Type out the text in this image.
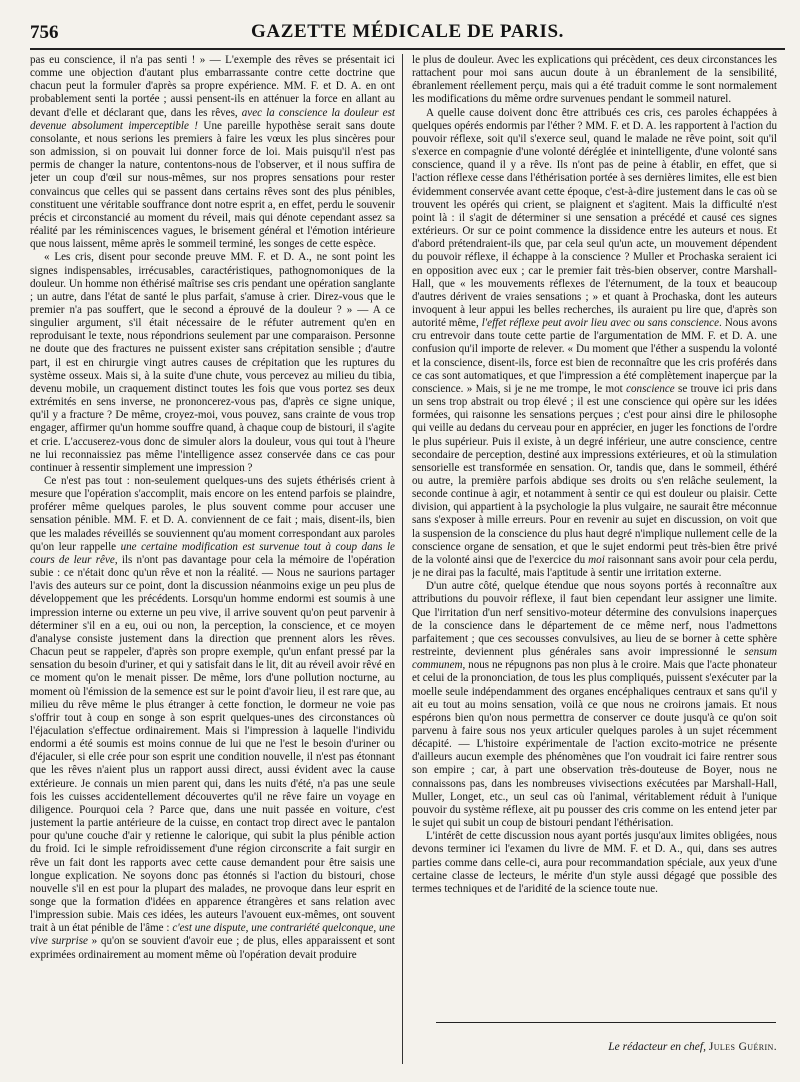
756	GAZETTE MÉDICALE DE PARIS.

pas eu conscience, il n'a pas senti ! » — L'exemple des rêves se présentait ici comme une objection d'autant plus embarrassante contre cette doctrine que chacun peut la formuler d'après sa propre expérience. MM. F. et D. A. en ont probablement senti la portée ; aussi pensent-ils en atténuer la force en allant au devant d'elle et déclarant que, dans les rêves, avec la conscience la douleur est devenue absolument imperceptible ! Une pareille hypothèse serait sans doute consolante, et nous serions les premiers à faire les vœux les plus sincères pour son admission, si on pouvait lui donner force de loi. Mais puisqu'il n'est pas permis de changer la nature, contentons-nous de l'observer, et il nous suffira de jeter un coup d'œil sur nous-mêmes, sur nos propres sensations pour rester convaincus que celles qui se passent dans certains rêves sont des plus pénibles, constituent une véritable souffrance dont notre esprit a, en effet, perdu le souvenir précis et circonstancié au moment du réveil, mais qui dénote cependant assez sa réalité par les réminiscences vagues, le brisement général et l'émotion intérieure que nous laissent, même après le sommeil terminé, les songes de cette espèce.

« Les cris, disent pour seconde preuve MM. F. et D. A., ne sont point les signes indispensables, irrécusables, caractéristiques, pathognomoniques de la douleur. Un homme non éthérisé maîtrise ses cris pendant une opération sanglante ; un autre, dans l'état de santé le plus parfait, s'amuse à crier. Direz-vous que le premier n'a pas souffert, que le second a éprouvé de la douleur ? » — A ce singulier argument, s'il était nécessaire de le réfuter autrement qu'en en reproduisant le texte, nous répondrions seulement par une comparaison. Personne ne doute que des fractures ne puissent exister sans crépitation sensible ; d'autre part, il est en chirurgie vingt autres causes de crépitation que les ruptures du système osseux. Mais si, à la suite d'une chute, vous percevez au milieu du tibia, devenu mobile, un craquement distinct toutes les fois que vous portez ses deux extrémités en sens inverse, ne prononcerez-vous pas, d'après ce signe unique, qu'il y a fracture ? De même, croyez-moi, vous pouvez, sans crainte de vous trop engager, affirmer qu'un homme souffre quand, à chaque coup de bistouri, il s'agite et crie. L'accuserez-vous donc de simuler alors la douleur, vous qui tout à l'heure ne lui reconnaissiez pas même l'intelligence assez conservée dans ce cas pour continuer à ressentir simplement une impression ?

Ce n'est pas tout : non-seulement quelques-uns des sujets éthérisés crient à mesure que l'opération s'accomplit, mais encore on les entend parfois se plaindre, proférer même quelques paroles, le plus souvent comme pour accuser une sensation pénible. MM. F. et D. A. conviennent de ce fait ; mais, disent-ils, bien que les malades réveillés se souviennent qu'au moment correspondant aux paroles qu'on leur rappelle une certaine modification est survenue tout à coup dans le cours de leur rêve, ils n'ont pas davantage pour cela la mémoire de l'opération subie : ce n'était donc qu'un rêve et non la réalité. — Nous ne saurions partager l'avis des auteurs sur ce point, dont la discussion néanmoins exige un peu plus de développement que les précédents. Lorsqu'un homme endormi est soumis à une impression interne ou externe un peu vive, il arrive souvent qu'on peut parvenir à déterminer s'il en a eu, oui ou non, la perception, la conscience, et ce moyen d'analyse consiste justement dans la direction que prennent alors les rêves. Chacun peut se rappeler, d'après son propre exemple, qu'un enfant pressé par la sensation du besoin d'uriner, et qui y satisfait dans le lit, dit au réveil avoir rêvé en ce moment qu'on le menait pisser. De même, lors d'une pollution nocturne, au moment où l'émission de la semence est sur le point d'avoir lieu, il est rare que, au milieu du rêve même le plus étranger à cette fonction, le dormeur ne voie pas s'offrir tout à coup en songe à son esprit quelques-unes des circonstances où l'éjaculation s'effectue ordinairement. Mais si l'impression à laquelle l'individu endormi a été soumis est moins connue de lui que ne l'est le besoin d'uriner ou d'éjaculer, si elle crée pour son esprit une condition nouvelle, il n'est pas étonnant que les rêves n'aient plus un rapport aussi direct, aussi évident avec la cause extérieure. Je connais un mien parent qui, dans les nuits d'été, n'a pas une seule fois les cuisses accidentellement découvertes qu'il ne rêve faire un voyage en diligence. Pourquoi cela ? Parce que, dans une nuit passée en voiture, c'est justement la partie antérieure de la cuisse, en contact trop direct avec le pantalon pour qu'une couche d'air y retienne le calorique, qui subit la plus pénible action du froid. Ici le simple refroidissement d'une région circonscrite a fait surgir en rêve un fait dont les rapports avec cette cause demandent pour être saisis une longue explication. Ne soyons donc pas étonnés si l'action du bistouri, chose nouvelle s'il en est pour la plupart des malades, ne provoque dans leur esprit en songe que la formation d'idées en apparence étrangères et sans relation avec l'impression subie. Mais ces idées, les auteurs l'avouent eux-mêmes, ont souvent trait à un état pénible de l'âme : c'est une dispute, une contrariété quelconque, une vive surprise » qu'on se souvient d'avoir eue ; de plus, elles apparaissent et sont exprimées ordinairement au moment même où l'opération devait produire

le plus de douleur. Avec les explications qui précèdent, ces deux circonstances les rattachent pour moi sans aucun doute à un ébranlement de la sensibilité, ébranlement réellement perçu, mais qui a été traduit comme le sont normalement les modifications du même ordre survenues pendant le sommeil naturel.

A quelle cause doivent donc être attribués ces cris, ces paroles échappées à quelques opérés endormis par l'éther ? MM. F. et D. A. les rapportent à l'action du pouvoir réflexe, soit qu'il s'exerce seul, quand le malade ne rêve point, soit qu'il s'exerce en compagnie d'une volonté déréglée et inintelligente, d'une volonté sans conscience, quand il y a rêve. Ils n'ont pas de peine à établir, en effet, que si l'action réflexe cesse dans l'éthérisation portée à ses dernières limites, elle est bien évidemment conservée avant cette époque, c'est-à-dire justement dans le cas où se trouvent les opérés qui crient, se plaignent et s'agitent. Mais la difficulté n'est point là : il s'agit de déterminer si une sensation a précédé et causé ces signes extérieurs. Or sur ce point commence la dissidence entre les auteurs et nous. Et d'abord prétendraient-ils que, par cela seul qu'un acte, un mouvement dépendent du pouvoir réflexe, il échappe à la conscience ? Muller et Prochaska seraient ici en opposition avec eux ; car le premier fait très-bien observer, contre Marshall-Hall, que « les mouvements réflexes de l'éternument, de la toux et beaucoup d'autres dérivent de vraies sensations ; » et quant à Prochaska, dont les auteurs invoquent à leur appui les belles recherches, ils auraient pu lire que, d'après son autorité même, l'effet réflexe peut avoir lieu avec ou sans conscience. Nous avons cru entrevoir dans toute cette partie de l'argumentation de MM. F. et D. A. une confusion qu'il importe de relever. « Du moment que l'éther a suspendu la volonté et la conscience, disent-ils, force est bien de reconnaître que les cris proférés dans ce cas sont automatiques, et que l'impression a été complètement inaperçue par la conscience. » Mais, si je ne me trompe, le mot conscience se trouve ici pris dans un sens trop abstrait ou trop élevé ; il est une conscience qui opère sur les idées formées, qui raisonne les sensations perçues ; c'est pour ainsi dire le philosophe qui veille au dedans du cerveau pour en apprécier, en juger les fonctions de l'ordre le plus supérieur. Puis il existe, à un degré inférieur, une autre conscience, centre secondaire de perception, destiné aux impressions extérieures, et où la stimulation sensorielle est transformée en sensation. Or, tandis que, dans le sommeil, éthéré ou autre, la première parfois abdique ses droits ou s'en relâche seulement, la seconde continue à agir, et notamment à sentir ce qui est douleur ou plaisir. Cette division, qui appartient à la psychologie la plus vulgaire, ne saurait être méconnue sans s'exposer à mille erreurs. Pour en revenir au sujet en discussion, on voit que la suspension de la conscience du plus haut degré n'implique nullement celle de la conscience organe de sensation, et que le sujet endormi peut très-bien être privé de la volonté ainsi que de l'exercice du moi raisonnant sans avoir pour cela perdu, je ne dirai pas la faculté, mais l'aptitude à sentir une irritation externe.

D'un autre côté, quelque étendue que nous soyons portés à reconnaître aux attributions du pouvoir réflexe, il faut bien cependant leur assigner une limite. Que l'irritation d'un nerf sensitivo-moteur détermine des convulsions inaperçues de la conscience dans le département de ce même nerf, nous l'admettons parfaitement ; que ces secousses convulsives, au lieu de se borner à cette sphère restreinte, deviennent plus générales sans avoir impressionné le sensum communem, nous ne répugnons pas non plus à le croire. Mais que l'acte phonateur et celui de la prononciation, de tous les plus compliqués, puissent s'exécuter par la moelle seule indépendamment des organes encéphaliques centraux et sans qu'il y ait eu tout au moins sensation, voilà ce que nous ne croirons jamais. Et nous espérons bien qu'on nous permettra de conserver ce doute jusqu'à ce qu'on soit parvenu à faire sous nos yeux articuler quelques paroles à un sujet récemment décapité. — L'histoire expérimentale de l'action excito-motrice ne présente d'ailleurs aucun exemple des phénomènes que l'on voudrait ici faire rentrer sous son empire ; car, à part une observation très-douteuse de Boyer, nous ne connaissons pas, dans les nombreuses vivisections exécutées par Marshall-Hall, Muller, Longet, etc., un seul cas où l'animal, véritablement réduit à l'unique pouvoir du système réflexe, ait pu pousser des cris comme on les entend jeter par le sujet qui subit un coup de bistouri pendant l'éthérisation.

L'intérêt de cette discussion nous ayant portés jusqu'aux limites obligées, nous devons terminer ici l'examen du livre de MM. F. et D. A., qui, dans ses autres parties comme dans celle-ci, aura pour recommandation spéciale, aux yeux d'une certaine classe de lecteurs, le mérite d'un style aussi dégagé que possible des termes techniques et de l'aridité de la science toute nue.

Le rédacteur en chef, Jules Guérin.
